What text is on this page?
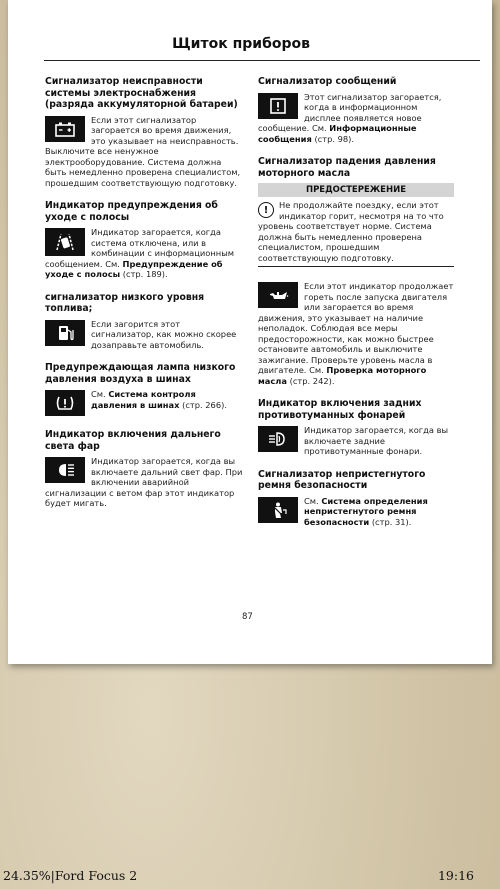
Щиток приборов
Сигнализатор неисправности системы электроснабжения (разряда аккумуляторной батареи)
Если этот сигнализатор загорается во время движения, это указывает на неисправность. Выключите все ненужное электрооборудование. Система должна быть немедленно проверена специалистом, прошедшим соответствующую подготовку.
Индикатор предупреждения об уходе с полосы
Индикатор загорается, когда система отключена, или в комбинации с информационным сообщением. См. Предупреждение об уходе с полосы (стр. 189).
сигнализатор низкого уровня топлива;
Если загорится этот сигнализатор, как можно скорее дозаправьте автомобиль.
Предупреждающая лампа низкого давления воздуха в шинах
См. Система контроля давления в шинах (стр. 266).
Индикатор включения дальнего света фар
Индикатор загорается, когда вы включаете дальний свет фар. При включении аварийной сигнализации с ветом фар этот индикатор будет мигать.
Сигнализатор сообщений
Этот сигнализатор загорается, когда в информационном дисплее появляется новое сообщение. См. Информационные сообщения (стр. 98).
Сигнализатор падения давления моторного масла
ПРЕДОСТЕРЕЖЕНИЕ
!	Не продолжайте поездку, если этот индикатор горит, несмотря на то что уровень соответствует норме. Система должна быть немедленно проверена специалистом, прошедшим соответствующую подготовку.
Если этот индикатор продолжает гореть после запуска двигателя или загорается во время движения, это указывает на наличие неполадок. Соблюдая все меры предосторожности, как можно быстрее остановите автомобиль и выключите зажигание. Проверьте уровень масла в двигателе. См. Проверка моторного масла (стр. 242).
Индикатор включения задних противотуманных фонарей
Индикатор загорается, когда вы включаете задние противотуманные фонари.
Сигнализатор непристегнутого ремня безопасности
См. Система определения непристегнутого ремня безопасности (стр. 31).
87
24.35%|Ford Focus 2	19:16
